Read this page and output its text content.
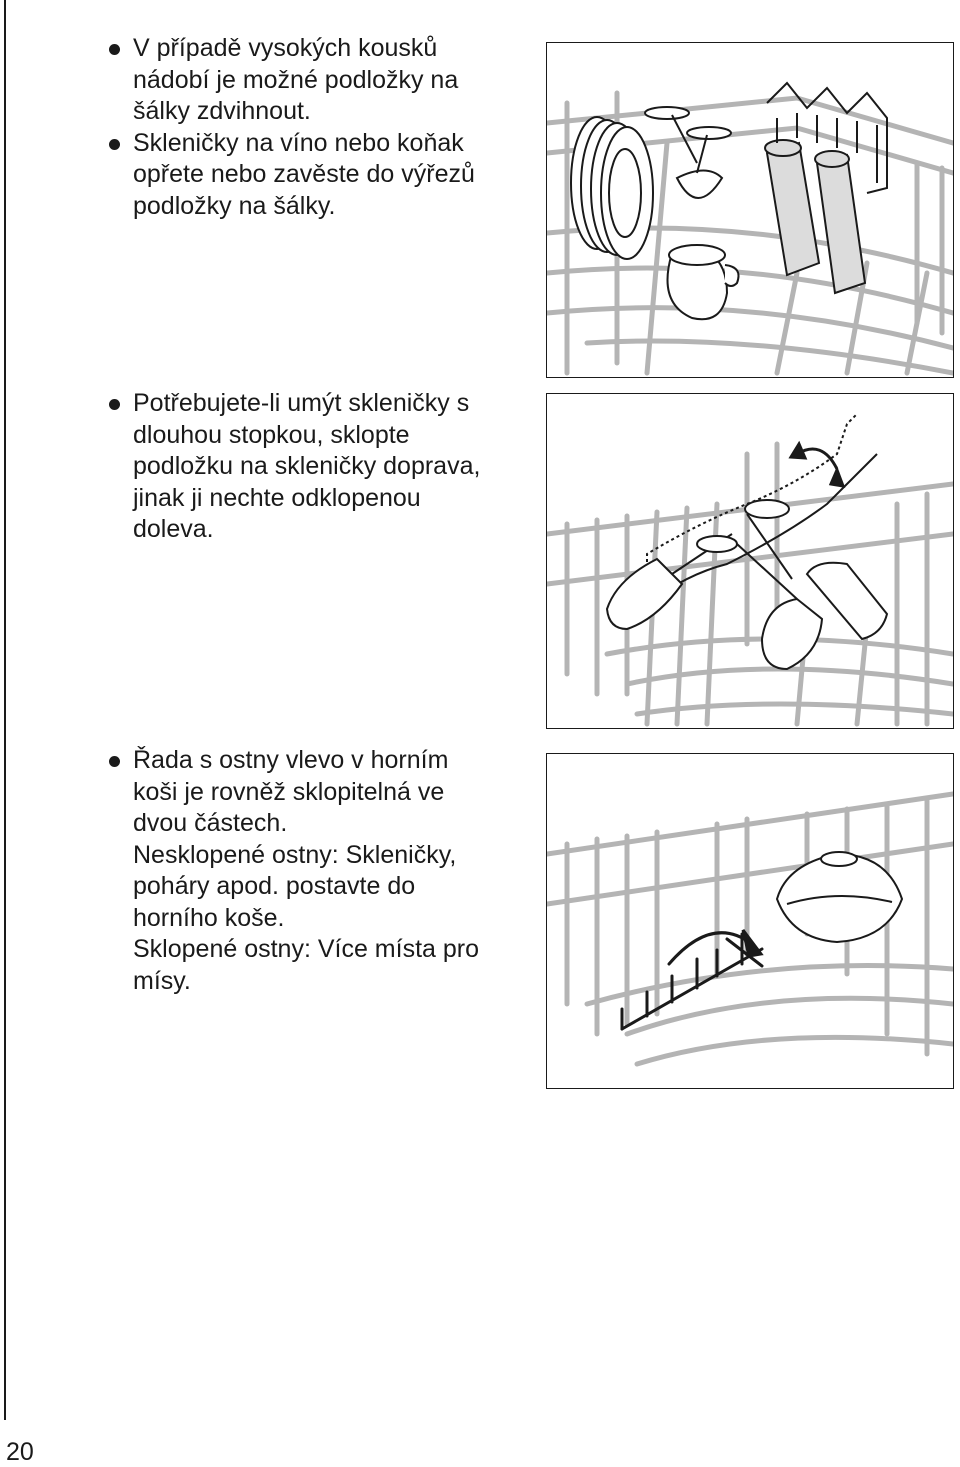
V případě vysokých kousků
nádobí je možné podložky na
šálky zdvihnout.
Skleničky na víno nebo koňak
opřete nebo zavěste do výřezů
podložky na šálky.
Potřebujete-li umýt skleničky s
dlouhou stopkou, sklopte
podložku na skleničky doprava,
jinak ji nechte odklopenou
doleva.
Řada s ostny vlevo v horním
koši je rovněž sklopitelná ve
dvou částech.
Nesklopené ostny: Skleničky,
poháry apod. postavte do
horního koše.
Sklopené ostny: Více místa pro
mísy.
20
